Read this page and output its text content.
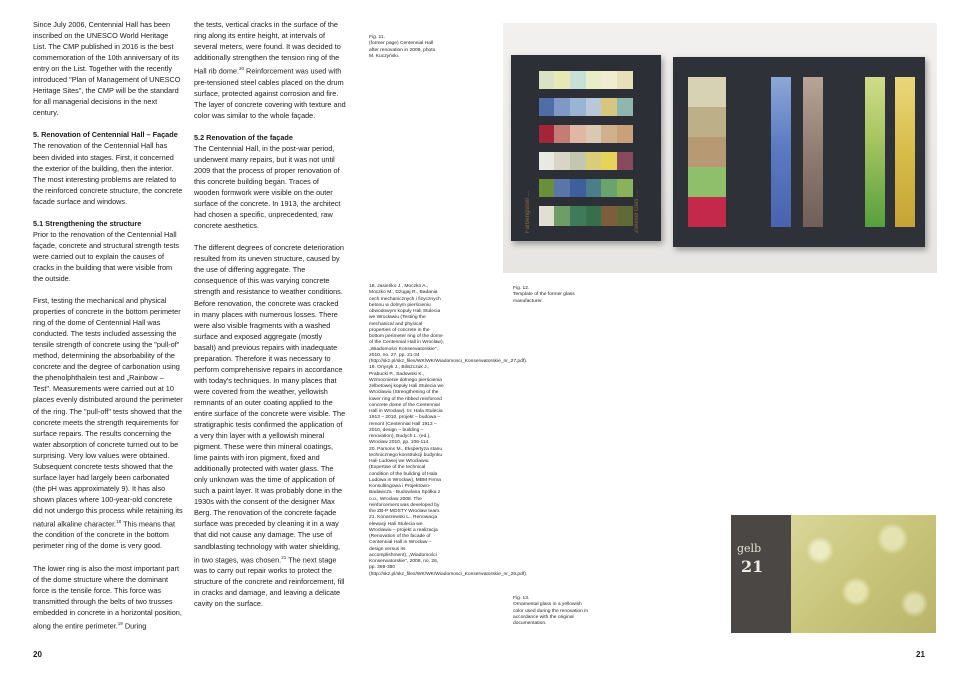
Since July 2006, Centennial Hall has been inscribed on the UNESCO World Heritage List. The CMP published in 2016 is the best commemoration of the 10th anniversary of its entry on the List. Together with the recently introduced "Plan of Management of UNESCO Heritage Sites", the CMP will be the standard for all managerial decisions in the next century.

5. Renovation of Centennial Hall – Façade
The renovation of the Centennial Hall has been divided into stages. First, it concerned the exterior of the building, then the interior. The most interesting problems are related to the reinforced concrete structure, the concrete facade surface and windows.

5.1 Strengthening the structure
Prior to the renovation of the Centennial Hall façade, concrete and structural strength tests were carried out to explain the causes of cracks in the building that were visible from the outside.

First, testing the mechanical and physical properties of concrete in the bottom perimeter ring of the dome of Centennial Hall was conducted. The tests included assessing the tensile strength of concrete using the "pull-of" method, determining the absorbability of the concrete and the degree of carbonation using the phenolphthalein test and „Rainbow – Test". Measurements were carried out at 10 places evenly distributed around the perimeter of the ring. The "pull-off" tests showed that the concrete meets the strength requirements for surface repairs. The results concerning the water absorption of concrete turned out to be surprising. Very low values were obtained. Subsequent concrete tests showed that the surface layer had largely been carbonated (the pH was approximately 9). It has also shown places where 100-year-old concrete did not undergo this process while retaining its natural alkaline character.$^{18}$ This means that the condition of the concrete in the bottom perimeter ring of the dome is very good.

The lower ring is also the most important part of the dome structure where the dominant force is the tensile force. This force was transmitted through the belts of two trusses embedded in concrete in a horizontal position, along the entire perimeter.$^{19}$ During

the tests, vertical cracks in the surface of the ring along its entire height, at intervals of several meters, were found. It was decided to additionally strengthen the tension ring of the Hall rib dome.$^{20}$ Reinforcement was used with pre-tensioned steel cables placed on the drum surface, protected against corrosion and fire. The layer of concrete covering with texture and color was similar to the whole façade.

5.2 Renovation of the façade
The Centennial Hall, in the post-war period, underwent many repairs, but it was not until 2009 that the process of proper renovation of this concrete building began. Traces of wooden formwork were visible on the outer surface of the concrete. In 1913, the architect had chosen a specific, unprecedented, raw concrete aesthetics.

The different degrees of concrete deterioration resulted from its uneven structure, caused by the use of differing aggregate. The consequence of this was varying concrete strength and resistance to weather conditions. Before renovation, the concrete was cracked in many places with numerous losses. There were also visible fragments with a washed surface and exposed aggregate (mostly basalt) and previous repairs with inadequate preparation. Therefore it was necessary to perform comprehensive repairs in accordance with today's techniques. In many places that were covered from the weather, yellowish remnants of an outer coating applied to the entire surface of the concrete were visible. The stratigraphic tests confirmed the application of a very thin layer with a yellowish mineral pigment. These were thin mineral coatings, lime paints with iron pigment, fixed and additionally protected with water glass. The only unknown was the time of application of such a paint layer. It was probably done in the 1930s with the consent of the designer Max Berg. The renovation of the concrete façade surface was preceded by cleaning it in a way that did not cause any damage. The use of sandblasting technology with water shielding, in two stages, was chosen.$^{21}$ The next stage was to carry out repair works to protect the structure of the concrete and reinforcement, fill in cracks and damage, and leaving a delicate cavity on the surface.

Fig. 11.
(former page) Centennial Hall after renovation in 2009, photo M. Kuczyński.
18. Jasieńko J., Moczko A., Moczko M., Dżugaj R., Badania cech mechanicznych i fizycznych betonu w dolnym pierścieniu obwodowym kopuły Hali Stulecia we Wrocławiu (Testing the mechanical and physical properties of concrete in the bottom perimeter ring of the dome of the Centennial Hall in Wrocław), „Wiadomości Konserwatorskie", 2010, no. 27, pp. 21-34 (http://skz.pl/skz_files/WK/WK/Wiadomosci_Konserwatorskie_nr_27.pdf).
19. Onysyk J., Biliszczuk J., Prabucki P., Sadowski K., Wzmocnienie dolnego pierścienia żelbetowej kopuły Hali Stulecia we Wrocławiu (Strengthening of the lower ring of the ribbed reinforced concrete dome of the Centennial Hall in Wrocław). In: Hala Stulecia 1913 – 2010, projekt – budowa – remont (Centennial Hall 1913 – 2010, design – building – renovation), Budych L. (ed.), Wrocław 2010, pp. 106-114.
20. Parsons M., Ekspertyza stanu technicznego konstrukcji budynku Hali Ludowej we Wrocławiu (Expertise of the technical condition of the building of Hala Ludowa in Wrocław), MBM Firma Konsultingowa i Projektowo-Badawcza - Budowlana Spółka z o.o., Wrocław 2008. The reinforcement was developed by the ZB-P MOSTY Wrocław team.
21. Konarzewski L., Renowacja elewacji Hali Stulecia we Wrocławiu – projekt a realizacja (Renovation of the facade of Centennial Hall in Wrocław – design versus its accomplishment), „Wiadomości Konserwatorskie", 2009, no. 26, pp. 369-380 (http://skz.pl/skz_files/WK/WK/Wiadomosci_Konserwatorskie_nr_26.pdf).
20
Farbenglaser ...	Zwiesel Glas ....
Fig. 12.
Template of the former glass manufacturer.
gelb
21
Fig. 13.
Ornamental glass in a yellowish color used during the renovation in accordance with the original documentation.
21
